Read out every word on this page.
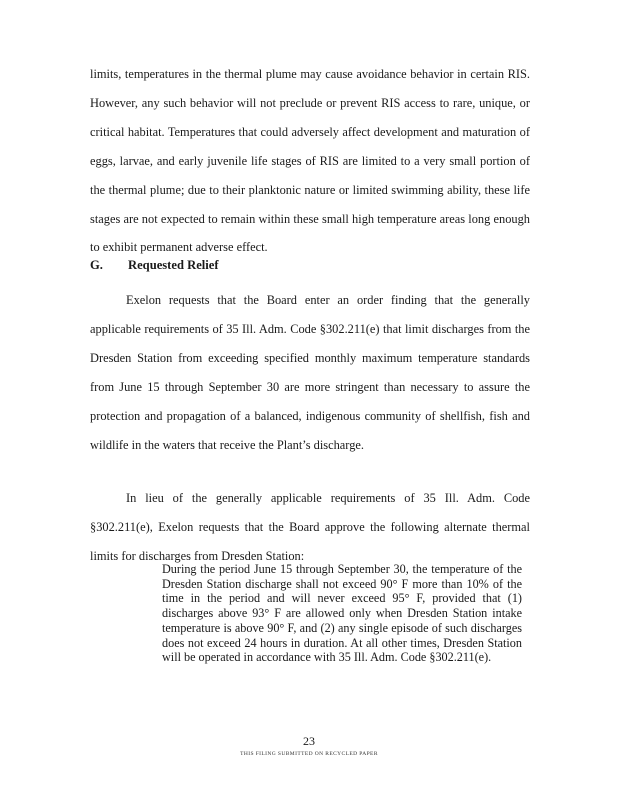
limits, temperatures in the thermal plume may cause avoidance behavior in certain RIS. However, any such behavior will not preclude or prevent RIS access to rare, unique, or critical habitat. Temperatures that could adversely affect development and maturation of eggs, larvae, and early juvenile life stages of RIS are limited to a very small portion of the thermal plume; due to their planktonic nature or limited swimming ability, these life stages are not expected to remain within these small high temperature areas long enough to exhibit permanent adverse effect.
G. Requested Relief
Exelon requests that the Board enter an order finding that the generally applicable requirements of 35 Ill. Adm. Code §302.211(e) that limit discharges from the Dresden Station from exceeding specified monthly maximum temperature standards from June 15 through September 30 are more stringent than necessary to assure the protection and propagation of a balanced, indigenous community of shellfish, fish and wildlife in the waters that receive the Plant’s discharge.
In lieu of the generally applicable requirements of 35 Ill. Adm. Code §302.211(e), Exelon requests that the Board approve the following alternate thermal limits for discharges from Dresden Station:
During the period June 15 through September 30, the temperature of the Dresden Station discharge shall not exceed 90° F more than 10% of the time in the period and will never exceed 95° F, provided that (1) discharges above 93° F are allowed only when Dresden Station intake temperature is above 90° F, and (2) any single episode of such discharges does not exceed 24 hours in duration. At all other times, Dresden Station will be operated in accordance with 35 Ill. Adm. Code §302.211(e).
23
THIS FILING SUBMITTED ON RECYCLED PAPER
